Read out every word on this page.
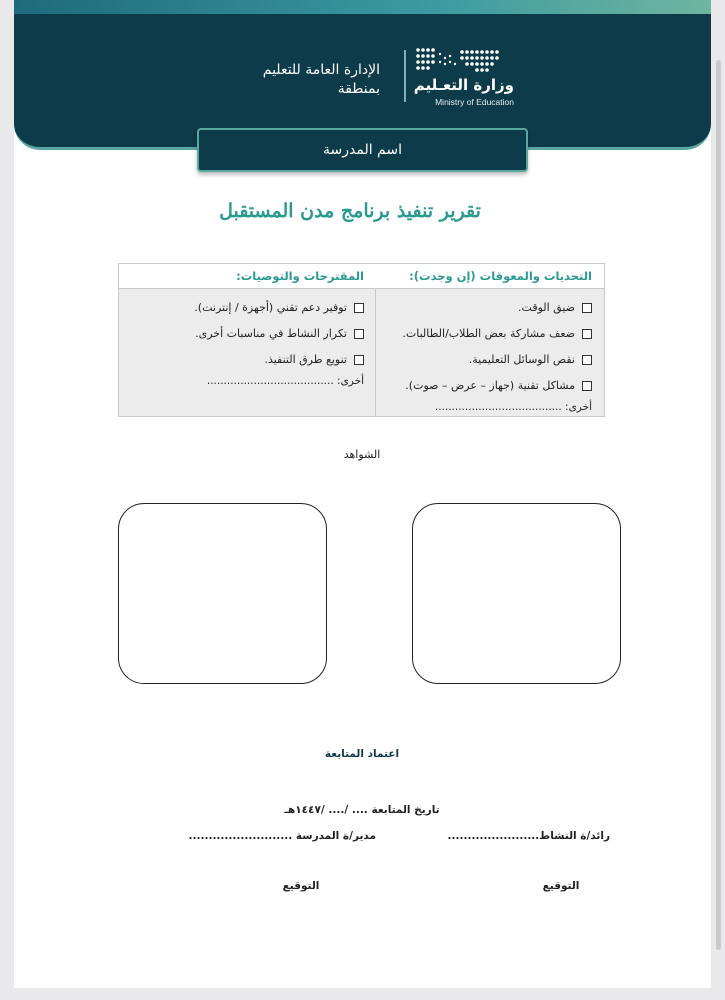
الإدارة العامة للتعليم
بمنطقة	وزارة التعـليم
Ministry of Education
اسم المدرسة
تقرير تنفيذ برنامج مدن المستقبل
التحديات والمعوقات (إن وجدت):
ضيق الوقت.
ضعف مشاركة بعض الطلاب/الطالبات.
نقص الوسائل التعليمية.
مشاكل تقنية (جهاز – عرض – صوت).
أخرى: ......................................
المقترحات والتوصيات:
توفير دعم تقني (أجهزة / إنترنت).
تكرار النشاط في مناسبات أخرى.
تنويع طرق التنفيذ.
أخرى: ......................................
الشواهد
اعتماد المتابعة
تاريخ المتابعة .... /.... /١٤٤٧هـ
رائد/ة النشاط.......................
مدير/ة المدرسة ..........................
التوقيع
التوقيع
